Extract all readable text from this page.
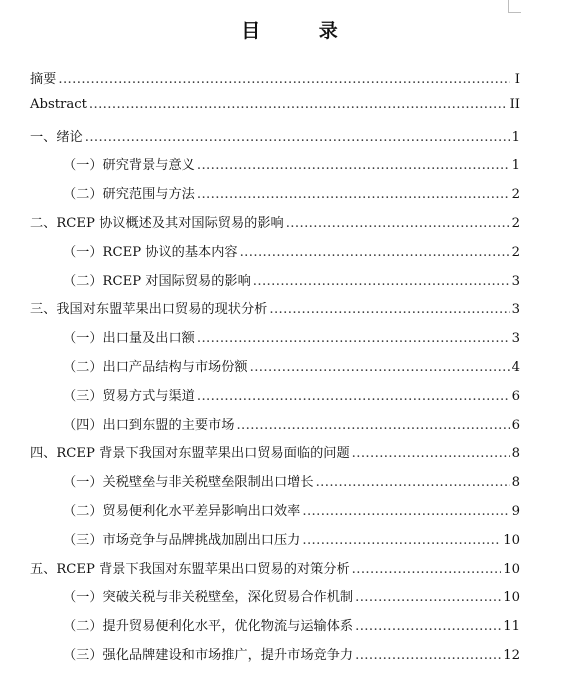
目 录
摘要 .....	I
Abstract .....	II
一、绪论 .....	1
（一）研究背景与意义 .....	1
（二）研究范围与方法 .....	2
二、RCEP 协议概述及其对国际贸易的影响 .....	2
（一）RCEP 协议的基本内容 .....	2
（二）RCEP 对国际贸易的影响 .....	3
三、我国对东盟苹果出口贸易的现状分析 .....	3
（一）出口量及出口额 .....	3
（二）出口产品结构与市场份额 .....	4
（三）贸易方式与渠道 .....	6
（四）出口到东盟的主要市场 .....	6
四、RCEP 背景下我国对东盟苹果出口贸易面临的问题 .....	8
（一）关税壁垒与非关税壁垒限制出口增长 .....	8
（二）贸易便利化水平差异影响出口效率 .....	9
（三）市场竞争与品牌挑战加剧出口压力 .....	10
五、RCEP 背景下我国对东盟苹果出口贸易的对策分析 .....	10
（一）突破关税与非关税壁垒，深化贸易合作机制 .....	10
（二）提升贸易便利化水平，优化物流与运输体系 .....	11
（三）强化品牌建设和市场推广，提升市场竞争力 .....	12
